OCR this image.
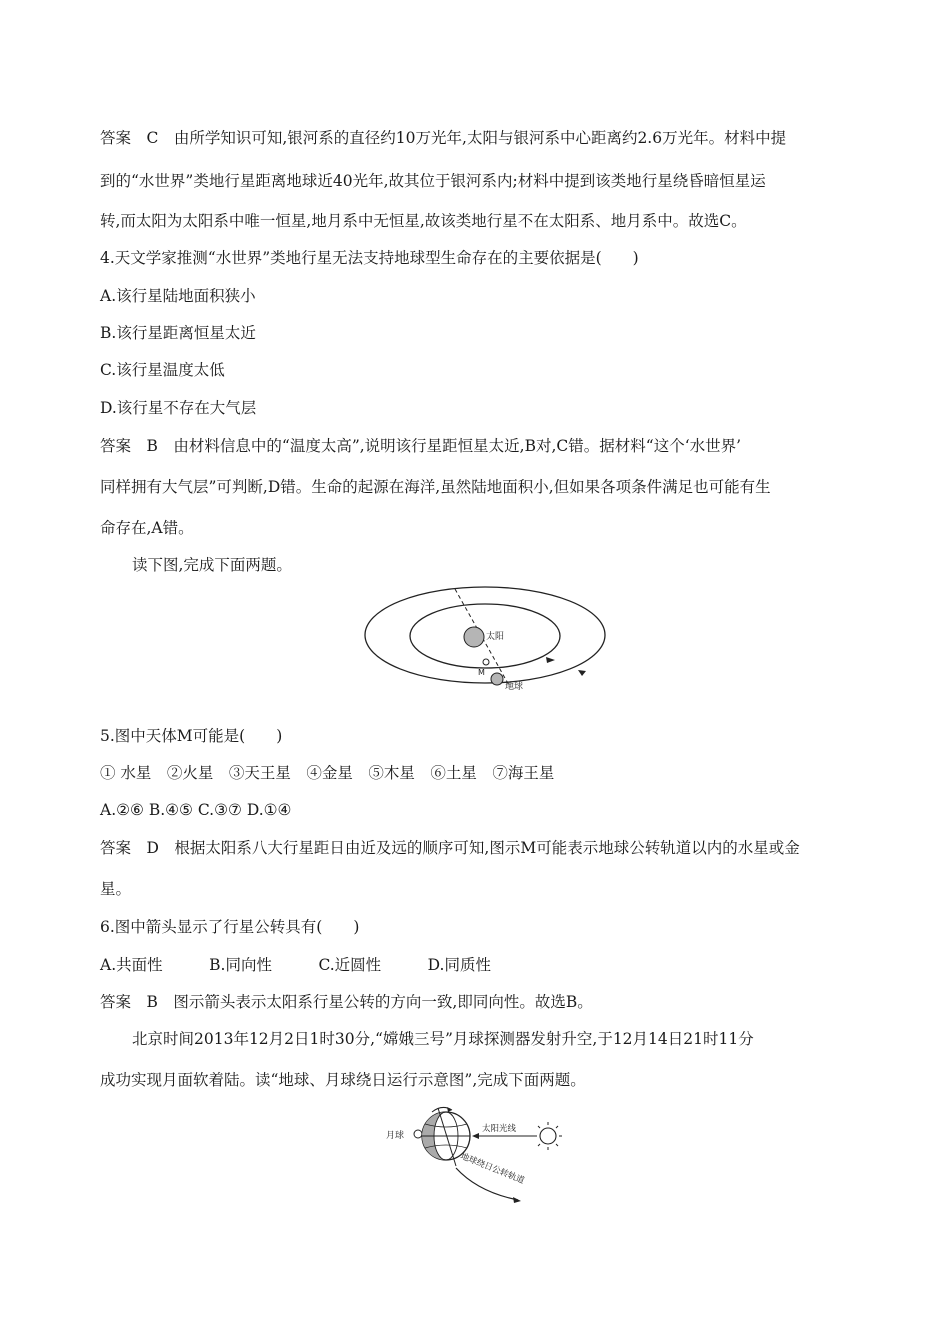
答案　C　由所学知识可知,银河系的直径约10万光年,太阳与银河系中心距离约2.6万光年。材料中提
到的“水世界”类地行星距离地球近40光年,故其位于银河系内;材料中提到该类地行星绕昏暗恒星运
转,而太阳为太阳系中唯一恒星,地月系中无恒星,故该类地行星不在太阳系、地月系中。故选C。
4.天文学家推测“水世界”类地行星无法支持地球型生命存在的主要依据是(　　)
A.该行星陆地面积狭小
B.该行星距离恒星太近
C.该行星温度太低
D.该行星不存在大气层
答案　B　由材料信息中的“温度太高”,说明该行星距恒星太近,B对,C错。据材料“这个‘水世界’
同样拥有大气层”可判断,D错。生命的起源在海洋,虽然陆地面积小,但如果各项条件满足也可能有生
命存在,A错。
读下图,完成下面两题。
太阳
M
地球
5.图中天体M可能是(　　)
① 水星　②火星　③天王星　④金星　⑤木星　⑥土星　⑦海王星
A.②⑥ B.④⑤ C.③⑦ D.①④
答案　D　根据太阳系八大行星距日由近及远的顺序可知,图示M可能表示地球公转轨道以内的水星或金
星。
6.图中箭头显示了行星公转具有(　　)
A.共面性　　　B.同向性　　　C.近圆性　　　D.同质性
答案　B　图示箭头表示太阳系行星公转的方向一致,即同向性。故选B。
北京时间2013年12月2日1时30分,“嫦娥三号”月球探测器发射升空,于12月14日21时11分
成功实现月面软着陆。读“地球、月球绕日运行示意图”,完成下面两题。
月球
太阳光线
地球绕日公转轨道
